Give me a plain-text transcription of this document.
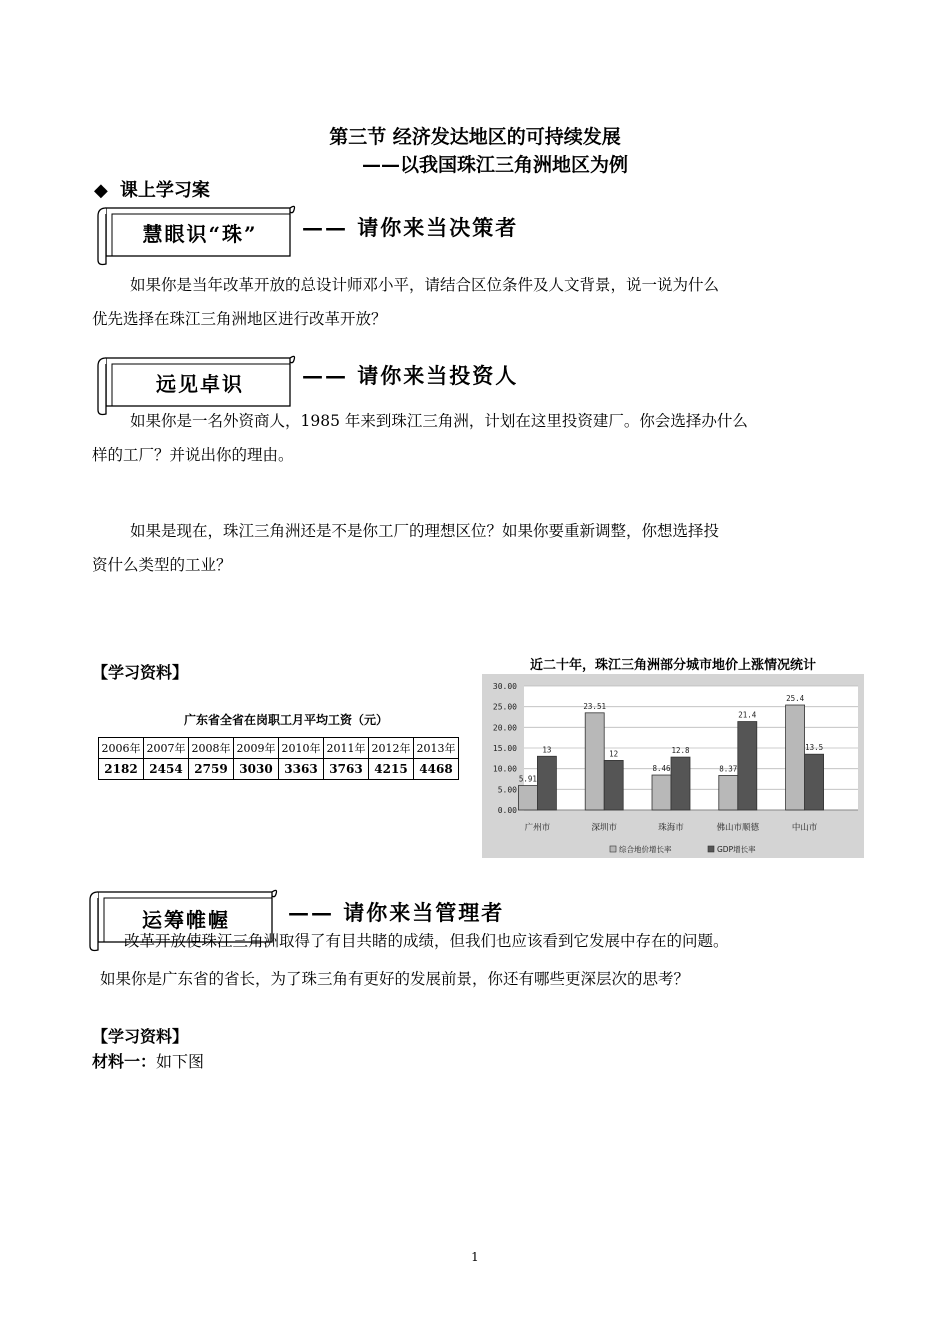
第三节 经济发达地区的可持续发展
——以我国珠江三角洲地区为例
◆ 课上学习案
慧眼识“珠”	—— 请你来当决策者
如果你是当年改革开放的总设计师邓小平，请结合区位条件及人文背景，说一说为什么
优先选择在珠江三角洲地区进行改革开放？
远见卓识	—— 请你来当投资人
如果你是一名外资商人，1985 年来到珠江三角洲，计划在这里投资建厂。你会选择办什么
样的工厂？并说出你的理由。
如果是现在，珠江三角洲还是不是你工厂的理想区位？如果你要重新调整，你想选择投
资什么类型的工业？
【学习资料】
广东省全省在岗职工月平均工资（元）
2006年	2007年	2008年	2009年	2010年	2011年	2012年	2013年
2182	2454	2759	3030	3363	3763	4215	4468
近二十年，珠江三角洲部分城市地价上涨情况统计
0.00
5.00
10.00
15.00
20.00
25.00
30.00
5.91
13
广州市
23.51
12
深圳市
8.46
12.8
珠海市
8.37
21.4
佛山市顺德
25.4
13.5
中山市
综合地价增长率	GDP增长率
运筹帷幄	—— 请你来当管理者
改革开放使珠江三角洲取得了有目共睹的成绩，但我们也应该看到它发展中存在的问题。
如果你是广东省的省长，为了珠三角有更好的发展前景，你还有哪些更深层次的思考？
【学习资料】
材料一：如下图
1
